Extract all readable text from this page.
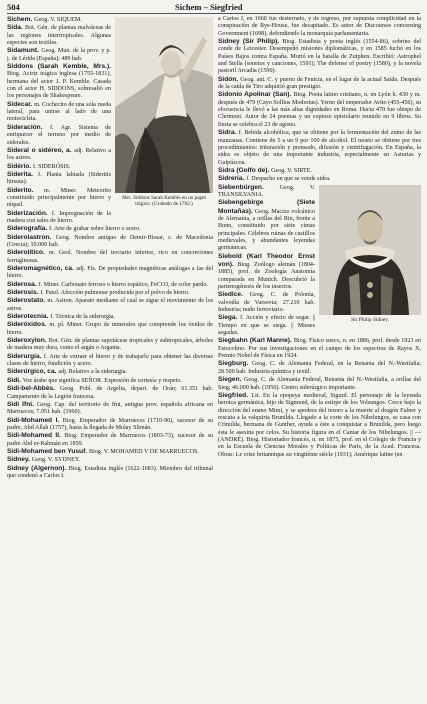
504	Sichem – Siegfried
Mrs. Siddons Sarah Kemble en un papel trágico. (Grabado de 1782.)

Sichem. Geog. V. SIQUEM.

Sida. Bot. Gén. de plantas malváceas de las regiones intertropicales. Algunas especies son textiles.

Sidamunt. Geog. Mun. de la prov. y p. j. de Lérida (España); 489 hab.

Siddons (Sarah Kemble, Mrs.). Biog. Actriz trágica inglesa (1755-1831), hermana del actor J. P. Kemble. Casada con el actor H. SIDDONS, sobresalió en los personajes de Shakespeare.

Sidecar. m. Cochecito de una sola rueda lateral, para unirse al lado de una motocicleta.

Sideración. f. Agr. Sistema de enriquecer el terreno por medio de siderales.

Sideral o sidéreo, a. adj. Relativo a los astros.

Sidério. f. SIDERÓSIS.

Siderita. f. Planta labiada (Sideritis hirsuta).

Siderito. m. Miner. Meteorito constituido principalmente por hierro y níquel.

Siderización. f. Impregnación de la madera con sales de hierro.

Siderografía. f. Arte de grabar sobre hierro o acero.

Siderolastron. Geog. Nombre antiguo de Demir-Hissar, c. de Macedonia (Grecia); 10.000 hab.

Siderolítico. m. Geol. Nombre del terciario inferior, rico en concreciones ferruginosas.

Sideromagnético, ca. adj. Fís. De propiedades magnéticas análogas a las del hierro.

Siderosa. f. Miner. Carbonato ferroso o hierro espático, FeCO3, de color pardo.

Siderosis. f. Patol. Afección pulmonar producida por el polvo de hierro.

Siderostato. m. Astron. Aparato mediante el cual se sigue el movimiento de los astros.

Siderotecnia. f. Técnica de la siderurgia.

Sideróxidos. m. pl. Miner. Grupo de minerales que comprende los óxidos de hierro.

Sideroxylon. Bot. Gén. de plantas sapotáceas tropicales y subtropicales, árboles de madera muy dura, como el argán o Argania.

Siderurgia. f. Arte de extraer el hierro y de trabajarlo para obtener las diversas clases de hierro, fundición y acero.

Siderúrgico, ca. adj. Relativo a la siderurgia.

Sidi. Voz árabe que significa SEÑOR. Expresión de cortesía y respeto.

Sidi-bel-Abbès. Geog. Pobl. de Argelia, depart. de Orán; 61.351 hab. Campamento de la Legión francesa.

Sidi Ifni. Geog. Cap. del territorio de Ifni, antigua prov. española africana en Marruecos; 7.951 hab. (1960).

Sidi-Mohamed I. Biog. Emperador de Marruecos (1710-90), sucesor de su padre, Abd Allah (1757), hasta la llegada de Mulay Slimán.

Sidi-Mohamed II. Biog. Emperador de Marruecos (1803-73), sucesor de su padre Abd er-Rahmán en 1859.

Sidi-Mohamed ben Yusuf. Biog. V. MOHAMED V DE MARRUECOS.

Sidney. Geog. V. SYDNEY.

Sidney (Algernon). Biog. Estadista inglés (1622-1683). Miembro del tribunal que condenó a Carlos I.

a Carlos I, en 1660 fue desterrado, y de regreso, por supuesta complicidad en la conspiración de Rye-House, fue decapitado. Es autor de Discourses concerning Government (1698), defendiendo la monarquía parlamentaria.

Sidney (Sir Philip). Biog. Estadista y poeta inglés (1554-86), sobrino del conde de Leicester. Desempeñó misiones diplomáticas, y en 1585 luchó en los Países Bajos contra España. Murió en la batalla de Zutphen. Escribió: Astrophel and Stella (sonetos y canciones, 1591); The defense of poetry (1580), y la novela pastoril Arcadia (1590).

Sidón. Geog. ant. C. y puerto de Fenicia, en el lugar de la actual Saida. Después de la caída de Tiro adquirió gran prestigio.

Sidonio Apolinar (San). Biog. Poeta latino cristiano, n. en Lyón h. 430 y m. después de 479 (Cayo Sollius Modestus). Yerno del emperador Avito (455-456), su elocuencia le llevó a las más altas dignidades en Roma. Hacia 470 fue obispo de Clermont. Autor de 24 poemas y un copioso epistolario reunido en 9 libros. Su fiesta se celebra el 23 de agosto.

Sidra. f. Bebida alcohólica, que se obtiene por la fermentación del zumo de las manzanas. Contiene de 5 a un 9 por 100 de alcohol. El mosto se obtiene por tres procedimientos: trituración y prensado, difusión y centrifugación. En España, la sidra es objeto de una importante industria, especialmente en Asturias y Guipúzcoa.

Sidra (Golfo de). Geog. V. SIRTE.

Sidrería. f. Despacho en que se vende sidra.

Sir Philip Sidney.

Siebenbürgen. Geog. V. TRANSILVANIA.

Siebengebirge (Siete Montañas). Geog. Macizo volcánico de Alemania, a orillas del Rin, frente a Bonn, constituido por siete cimas principales. Célebres ruinas de castillos medievales, y abundantes leyendas germánicas.

Siebold (Karl Theodor Ernst von). Biog. Zoólogo alemán (1804-1885), prof. de Zoología Anatomía comparada en Munich. Descubrió la partenogénesis de los insectos.

Siedlce. Geog. C. de Polonia, valvodía de Varsovia; 27.210 hab. Industria; nudo ferroviario.

Siega. f. Acción y efecto de segar. || Tiempo en que se siega. || Mieses segadas.

Siegbahn (Karl Manne). Biog. Físico sueco, n. en 1886, prof. desde 1923 en Estocolmo. Por sus investigaciones en el campo de los espectros de Rayos X, Premio Nobel de Física en 1924.

Siegburg. Geog. C. de Alemania Federal, en la Renania del N.-Westfalia; 28.500 hab. Industria química y textil.

Siegen. Geog. C. de Alemania Federal, Renania del N.-Westfalia, a orillas del Sieg; 46.000 hab. (1950). Centro siderúrgico importante.

Siegfried. Lit. En la epopeya medieval, Sigurd. El personaje de la leyenda heroica germánica, hijo de Sigmund, de la estirpe de los Volsungos. Crece bajo la dirección del enano Mimi, y se apodera del tesoro a la muerte al dragón Fafner y rescata a la valquiria Brunilda. Llegado a la corte de los Nibelungos, se casa con Crimilda, hermana de Gunther, ayuda a éste a conquistar a Brunilda, pero luego ésta le asesina por celos. Su historia figura en el Cantar de los Nibelungos. || — (ANDRÉ). Biog. Historiador francés, n. en 1875, prof. en el Colegio de Francia y en la Escuela de Ciencias Morales y Políticas de París, de la Acad. Francesa. Obras: Le crise britannique au vingtième siècle (1931); Amérique latine (en
